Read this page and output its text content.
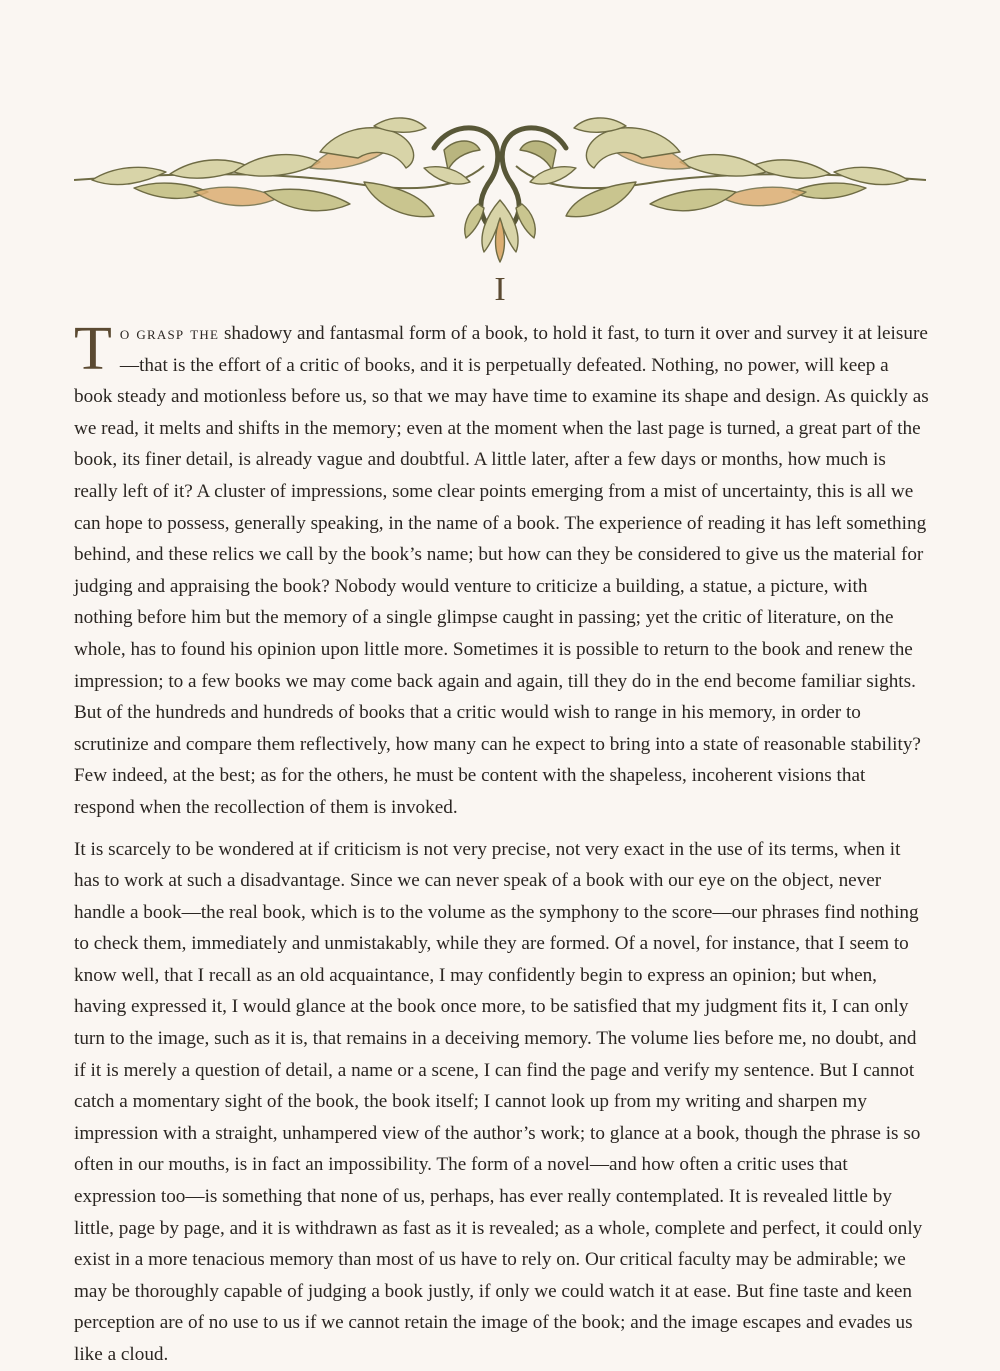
I

To grasp the shadowy and fantasmal form of a book, to hold it fast, to turn it over and survey it at leisure—that is the effort of a critic of books, and it is perpetually defeated. Nothing, no power, will keep a book steady and motionless before us, so that we may have time to examine its shape and design. As quickly as we read, it melts and shifts in the memory; even at the moment when the last page is turned, a great part of the book, its finer detail, is already vague and doubtful. A little later, after a few days or months, how much is really left of it? A cluster of impressions, some clear points emerging from a mist of uncertainty, this is all we can hope to possess, generally speaking, in the name of a book. The experience of reading it has left something behind, and these relics we call by the book’s name; but how can they be considered to give us the material for judging and appraising the book? Nobody would venture to criticize a building, a statue, a picture, with nothing before him but the memory of a single glimpse caught in passing; yet the critic of literature, on the whole, has to found his opinion upon little more. Sometimes it is possible to return to the book and renew the impression; to a few books we may come back again and again, till they do in the end become familiar sights. But of the hundreds and hundreds of books that a critic would wish to range in his memory, in order to scrutinize and compare them reflectively, how many can he expect to bring into a state of reasonable stability? Few indeed, at the best; as for the others, he must be content with the shapeless, incoherent visions that respond when the recollection of them is invoked.

It is scarcely to be wondered at if criticism is not very precise, not very exact in the use of its terms, when it has to work at such a disadvantage. Since we can never speak of a book with our eye on the object, never handle a book—the real book, which is to the volume as the symphony to the score—our phrases find nothing to check them, immediately and unmistakably, while they are formed. Of a novel, for instance, that I seem to know well, that I recall as an old acquaintance, I may confidently begin to express an opinion; but when, having expressed it, I would glance at the book once more, to be satisfied that my judgment fits it, I can only turn to the image, such as it is, that remains in a deceiving memory. The volume lies before me, no doubt, and if it is merely a question of detail, a name or a scene, I can find the page and verify my sentence. But I cannot catch a momentary sight of the book, the book itself; I cannot look up from my writing and sharpen my impression with a straight, unhampered view of the author’s work; to glance at a book, though the phrase is so often in our mouths, is in fact an impossibility. The form of a novel—and how often a critic uses that expression too—is something that none of us, perhaps, has ever really contemplated. It is revealed little by little, page by page, and it is withdrawn as fast as it is revealed; as a whole, complete and perfect, it could only exist in a more tenacious memory than most of us have to rely on. Our critical faculty may be admirable; we may be thoroughly capable of judging a book justly, if only we could watch it at ease. But fine taste and keen perception are of no use to us if we cannot retain the image of the book; and the image escapes and evades us like a cloud.
